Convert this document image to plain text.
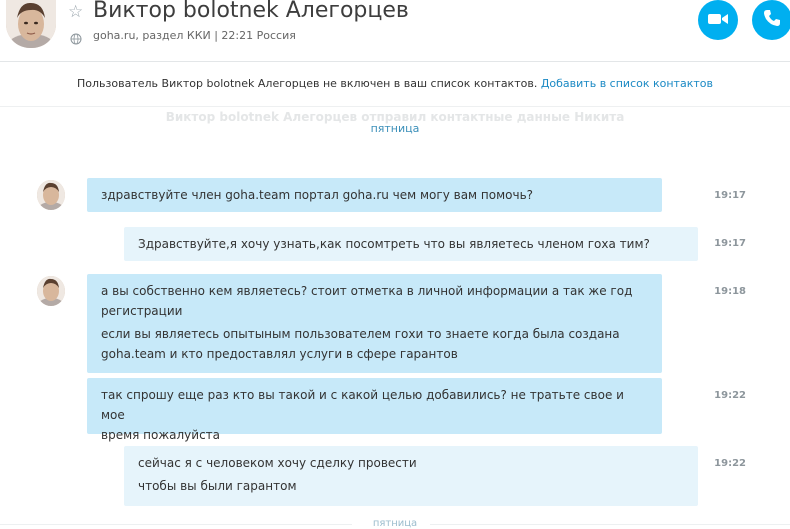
☆ Виктор bolotnek Алегорцев
goha.ru, раздел ККИ | 22:21 Россия
Пользователь Виктор bolotnek Алегорцев не включен в ваш список контактов. Добавить в список контактов
Виктор bolotnek Алегорцев отправил контактные данные Никита
пятница
здравствуйте член goha.team портал goha.ru чем могу вам помочь?	19:17
Здравствуйте,я хочу узнать,как посомтреть что вы являетесь членом гоха тим?	19:17
а вы собственно кем являетесь? стоит отметка в личной информации а так же год
регистрации
если вы являетесь опытыным пользователем гохи то знаете когда была создана
goha.team и кто предоставлял услуги в сфере гарантов
19:18
так спрошу еще раз кто вы такой и с какой целью добавились? не тратьте свое и мое
время пожалуйста
19:22
сейчас я с человеком хочу сделку провести
чтобы вы были гарантом
19:22
пятница
